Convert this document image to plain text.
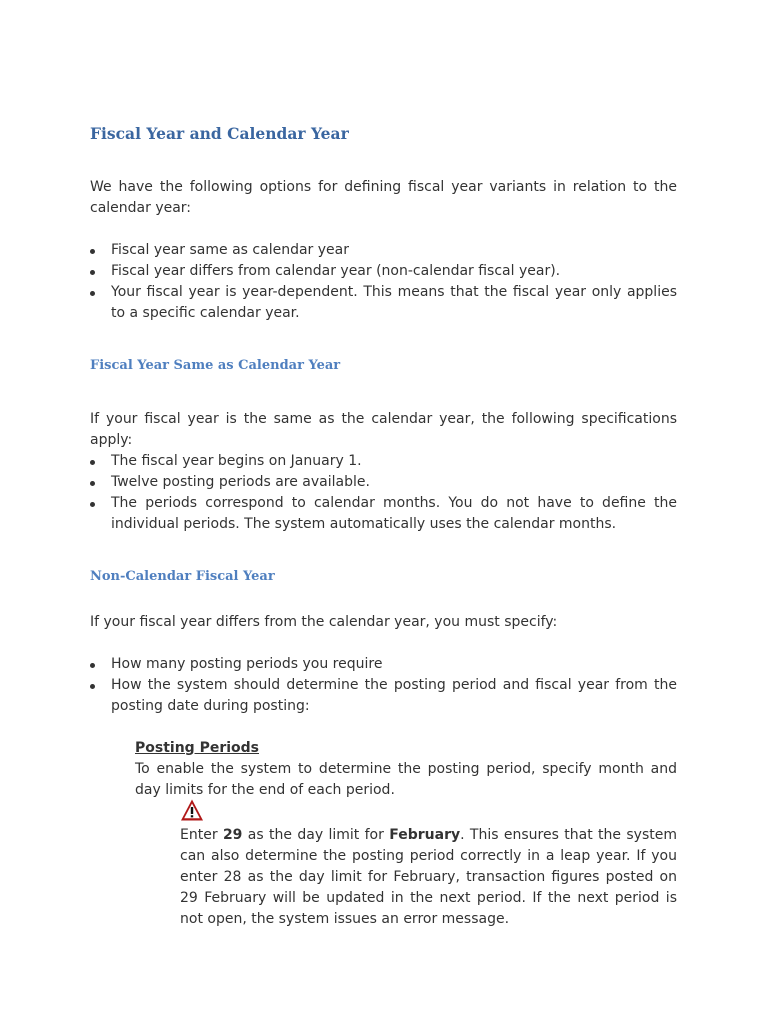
Fiscal Year and Calendar Year

We have the following options for defining fiscal year variants in relation to the calendar year:

Fiscal year same as calendar year
Fiscal year differs from calendar year (non-calendar fiscal year).
Your fiscal year is year-dependent. This means that the fiscal year only applies to a specific calendar year.
Fiscal Year Same as Calendar Year

If your fiscal year is the same as the calendar year, the following specifications apply:

The fiscal year begins on January 1.
Twelve posting periods are available.
The periods correspond to calendar months. You do not have to define the individual periods. The system automatically uses the calendar months.
Non-Calendar Fiscal Year

If your fiscal year differs from the calendar year, you must specify:

How many posting periods you require
How the system should determine the posting period and fiscal year from the posting date during posting:

Posting Periods

To enable the system to determine the posting period, specify month and day limits for the end of each period.

Enter 29 as the day limit for February. This ensures that the system can also determine the posting period correctly in a leap year. If you enter 28 as the day limit for February, transaction figures posted on 29 February will be updated in the next period. If the next period is not open, the system issues an error message.
